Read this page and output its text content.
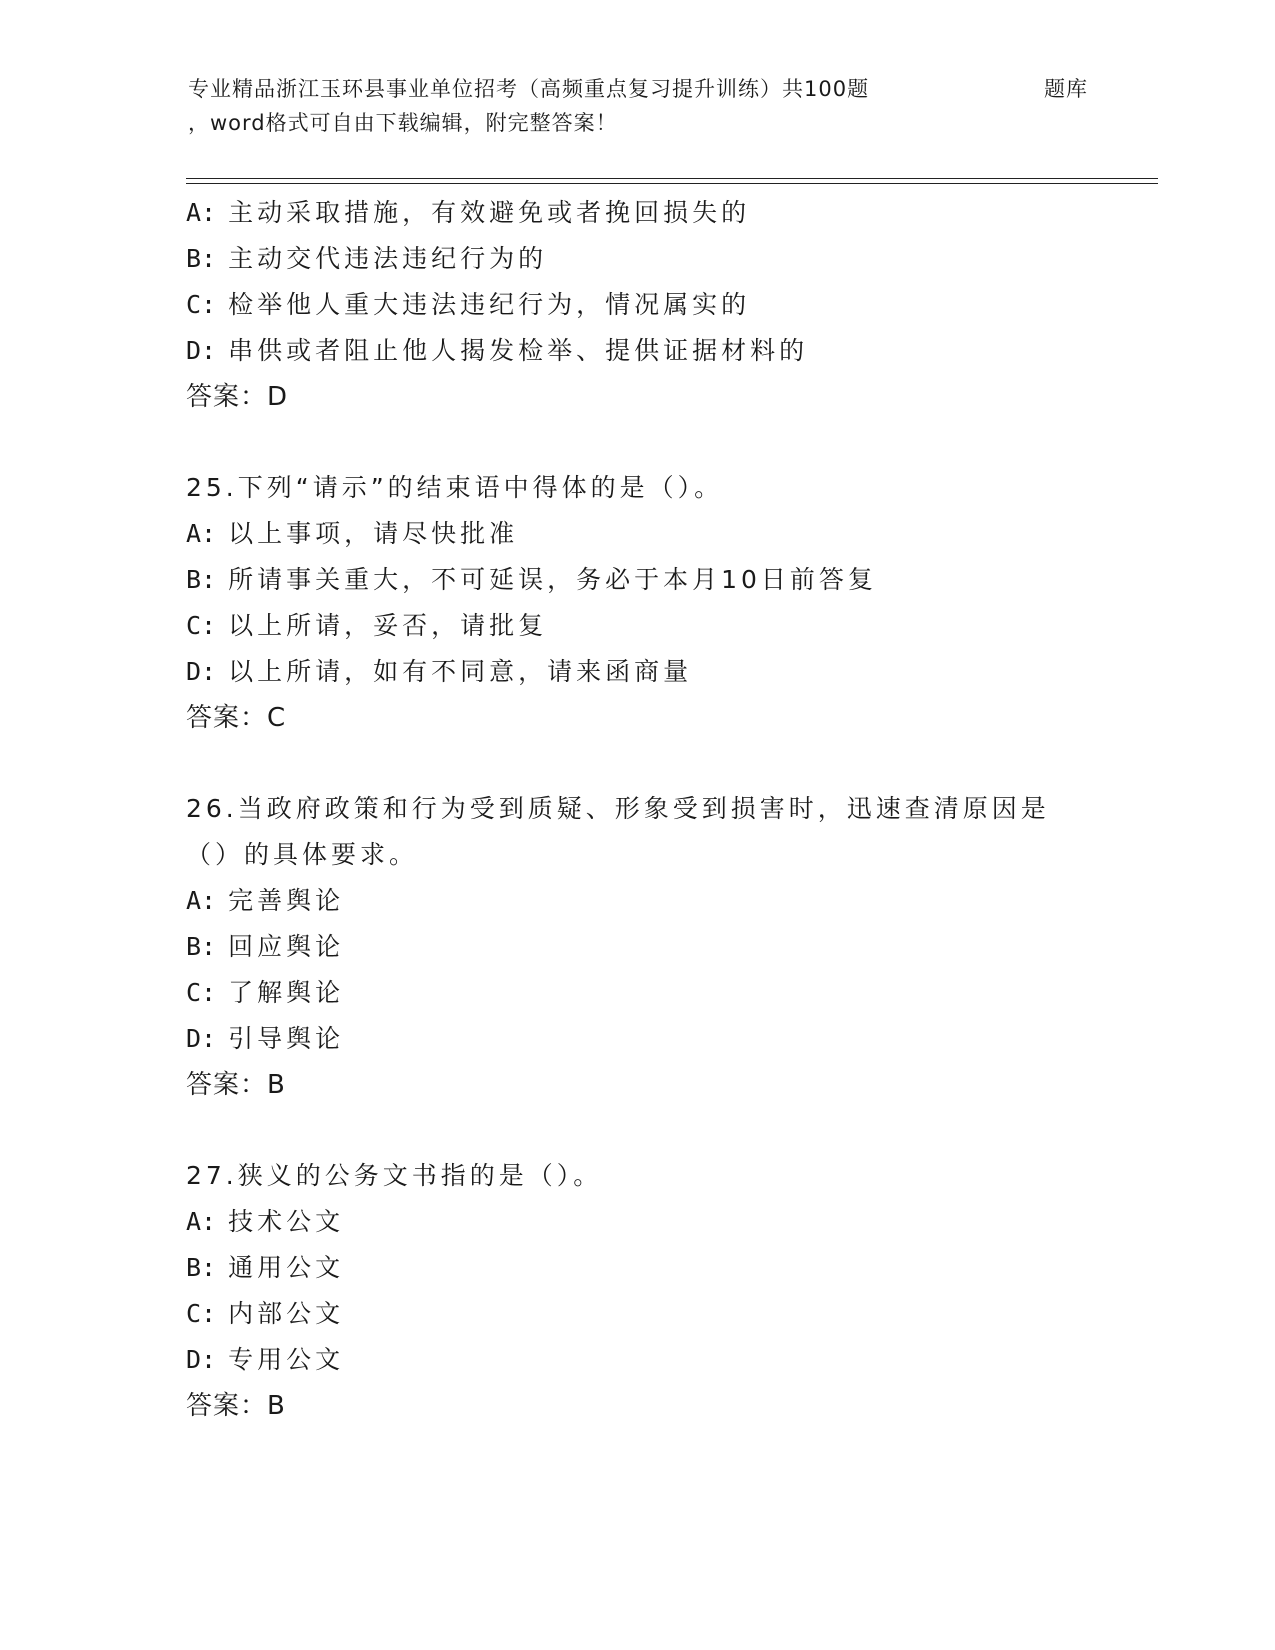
专业精品浙江玉环县事业单位招考（高频重点复习提升训练）共100题	题库
，word格式可自由下载编辑，附完整答案！
A: 主动采取措施，有效避免或者挽回损失的
B: 主动交代违法违纪行为的
C: 检举他人重大违法违纪行为，情况属实的
D: 串供或者阻止他人揭发检举、提供证据材料的
答案：D
25.下列“请示”的结束语中得体的是（）。
A: 以上事项，请尽快批准
B: 所请事关重大，不可延误，务必于本月10日前答复
C: 以上所请，妥否，请批复
D: 以上所请，如有不同意，请来函商量
答案：C
26.当政府政策和行为受到质疑、形象受到损害时，迅速查清原因是（）的具体要求。
A: 完善舆论
B: 回应舆论
C: 了解舆论
D: 引导舆论
答案：B
27.狭义的公务文书指的是（）。
A: 技术公文
B: 通用公文
C: 内部公文
D: 专用公文
答案：B
